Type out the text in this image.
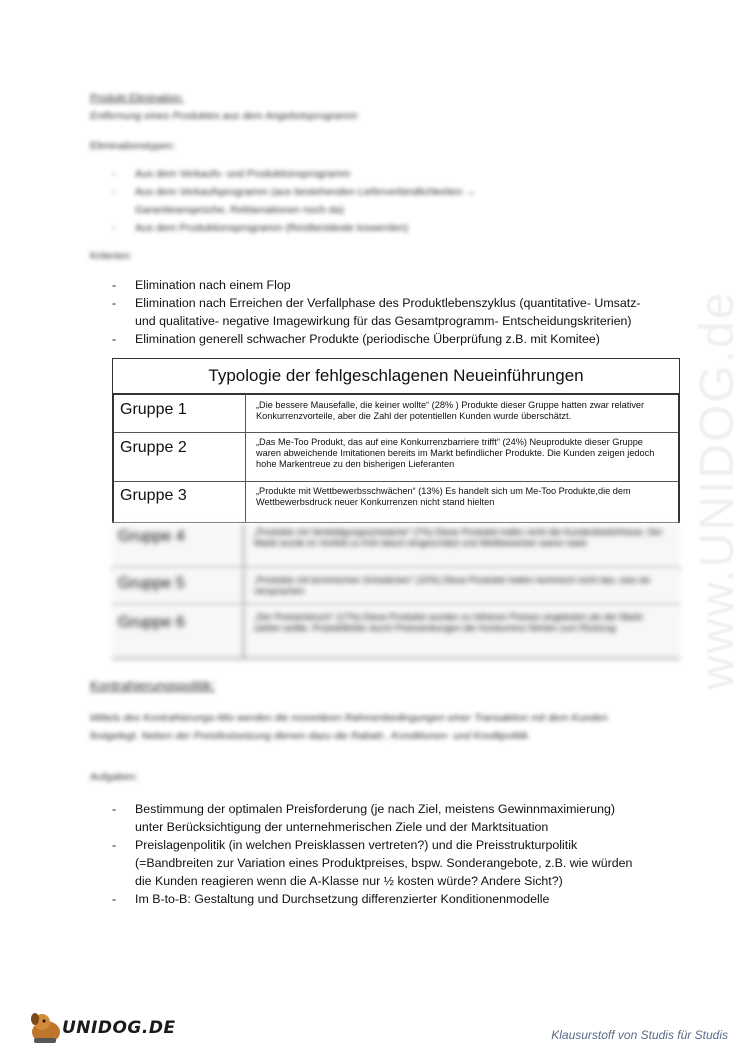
www.UNIDOG.de
Produkt Elimination:
Entfernung eines Produktes aus dem Angebotsprogramm
Eliminationstypen:
- Aus dem Verkaufs- und Produktionsprogramm
- Aus dem Verkaufsprogramm (aus bestehenden Lieferverbindlichkeiten →
Garantieansprüche, Reklamationen noch da)
- Aus dem Produktionsprogramm (Restbestände loswerden)
Kriterien:
- Elimination nach einem Flop
- Elimination nach Erreichen der Verfallphase des Produktlebenszyklus (quantitative- Umsatz-
und qualitative- negative Imagewirkung für das Gesamtprogramm- Entscheidungskriterien)
- Elimination generell schwacher Produkte (periodische Überprüfung z.B. mit Komitee)
Typologie der fehlgeschlagenen Neueinführungen
Gruppe 1	„Die bessere Mausefalle, die keiner wollte“ (28% ) Produkte dieser Gruppe hatten zwar relativer Konkurrenzvorteile, aber die Zahl der potentiellen Kunden wurde überschätzt.
Gruppe 2	„Das Me-Too Produkt, das auf eine Konkurrenzbarriere trifft“ (24%) Neuprodukte dieser Gruppe waren abweichende Imitationen bereits im Markt befindlicher Produkte. Die Kunden zeigen jedoch hohe Markentreue zu den bisherigen Lieferanten
Gruppe 3	„Produkte mit Wettbewerbsschwächen“ (13%) Es handelt sich um Me-Too Produkte,die dem Wettbewerbsdruck neuer Konkurrenzen nicht stand hielten
Gruppe 4	„Produkte mit Verteidigungsschwäche“ (7%) Diese Produkte trafen nicht die Kundenbedürfnisse. Der Markt wurde im Vorfeld zu früh falsch eingeschätzt und Wettbewerber waren stark
Gruppe 5	„Produkte mit technischen Schwächen“ (10%) Diese Produkte hatten technisch nicht das, was sie versprachen
Gruppe 6	„Der Preiseinbruch“ (17%) Diese Produkte wurden zu höheren Preisen angeboten als der Markt zahlen wollte. Produktfehler durch Preissenkungen der Konkurrenz führten zum Rückzug
Kontrahierungspolitik:
Mittels des Kontrahierungs-Mix werden die monetären Rahmenbedingungen einer Transaktion mit dem Kunden festgelegt. Neben der Preisfestsetzung dienen dazu die Rabatt-, Konditionen- und Kreditpolitik.
Aufgaben:
- Bestimmung der optimalen Preisforderung (je nach Ziel, meistens Gewinnmaximierung)
unter Berücksichtigung der unternehmerischen Ziele und der Marktsituation
- Preislagenpolitik (in welchen Preisklassen vertreten?) und die Preisstrukturpolitik
(=Bandbreiten zur Variation eines Produktpreises, bspw. Sonderangebote, z.B. wie würden
die Kunden reagieren wenn die A-Klasse nur ½ kosten würde? Andere Sicht?)
- Im B-to-B: Gestaltung und Durchsetzung differenzierter Konditionenmodelle
UNIDOG.DE	Klausurstoff von Studis für Studis
